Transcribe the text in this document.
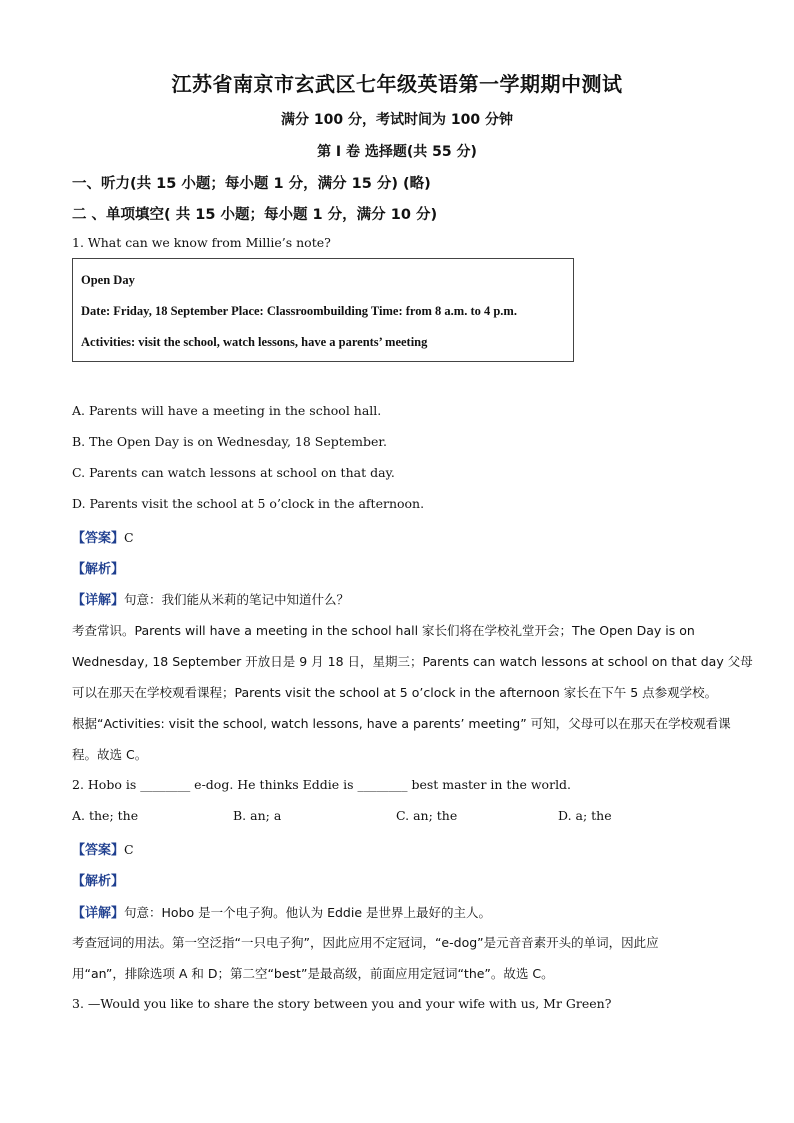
江苏省南京市玄武区七年级英语第一学期期中测试
满分 100 分，考试时间为 100 分钟
第 I 卷 选择题(共 55 分)
一、听力(共 15 小题；每小题 1 分，满分 15 分) (略)
二 、单项填空( 共 15 小题；每小题 1 分，满分 10 分)
1. What can we know from Millie’s note?
Open Day
Date: Friday, 18 September Place: Classroombuilding Time: from 8 a.m. to 4 p.m.
Activities: visit the school, watch lessons, have a parents’ meeting
A. Parents will have a meeting in the school hall.
B. The Open Day is on Wednesday, 18 September.
C. Parents can watch lessons at school on that day.
D. Parents visit the school at 5 o’clock in the afternoon.
【答案】C
【解析】
【详解】句意：我们能从米莉的笔记中知道什么？
考查常识。Parents will have a meeting in the school hall 家长们将在学校礼堂开会；The Open Day is on
Wednesday, 18 September 开放日是 9 月 18 日，星期三；Parents can watch lessons at school on that day 父母
可以在那天在学校观看课程；Parents visit the school at 5 o’clock in the afternoon 家长在下午 5 点参观学校。
根据“Activities: visit the school, watch lessons, have a parents’ meeting” 可知，父母可以在那天在学校观看课
程。故选 C。
2. Hobo is ________ e-dog. He thinks Eddie is ________ best master in the world.
A. the; the	B. an; a	C. an; the	D. a; the
【答案】C
【解析】
【详解】句意：Hobo 是一个电子狗。他认为 Eddie 是世界上最好的主人。
考查冠词的用法。第一空泛指“一只电子狗”，因此应用不定冠词，“e-dog”是元音音素开头的单词，因此应
用“an”，排除选项 A 和 D；第二空“best”是最高级，前面应用定冠词“the”。故选 C。
3. —Would you like to share the story between you and your wife with us, Mr Green?
